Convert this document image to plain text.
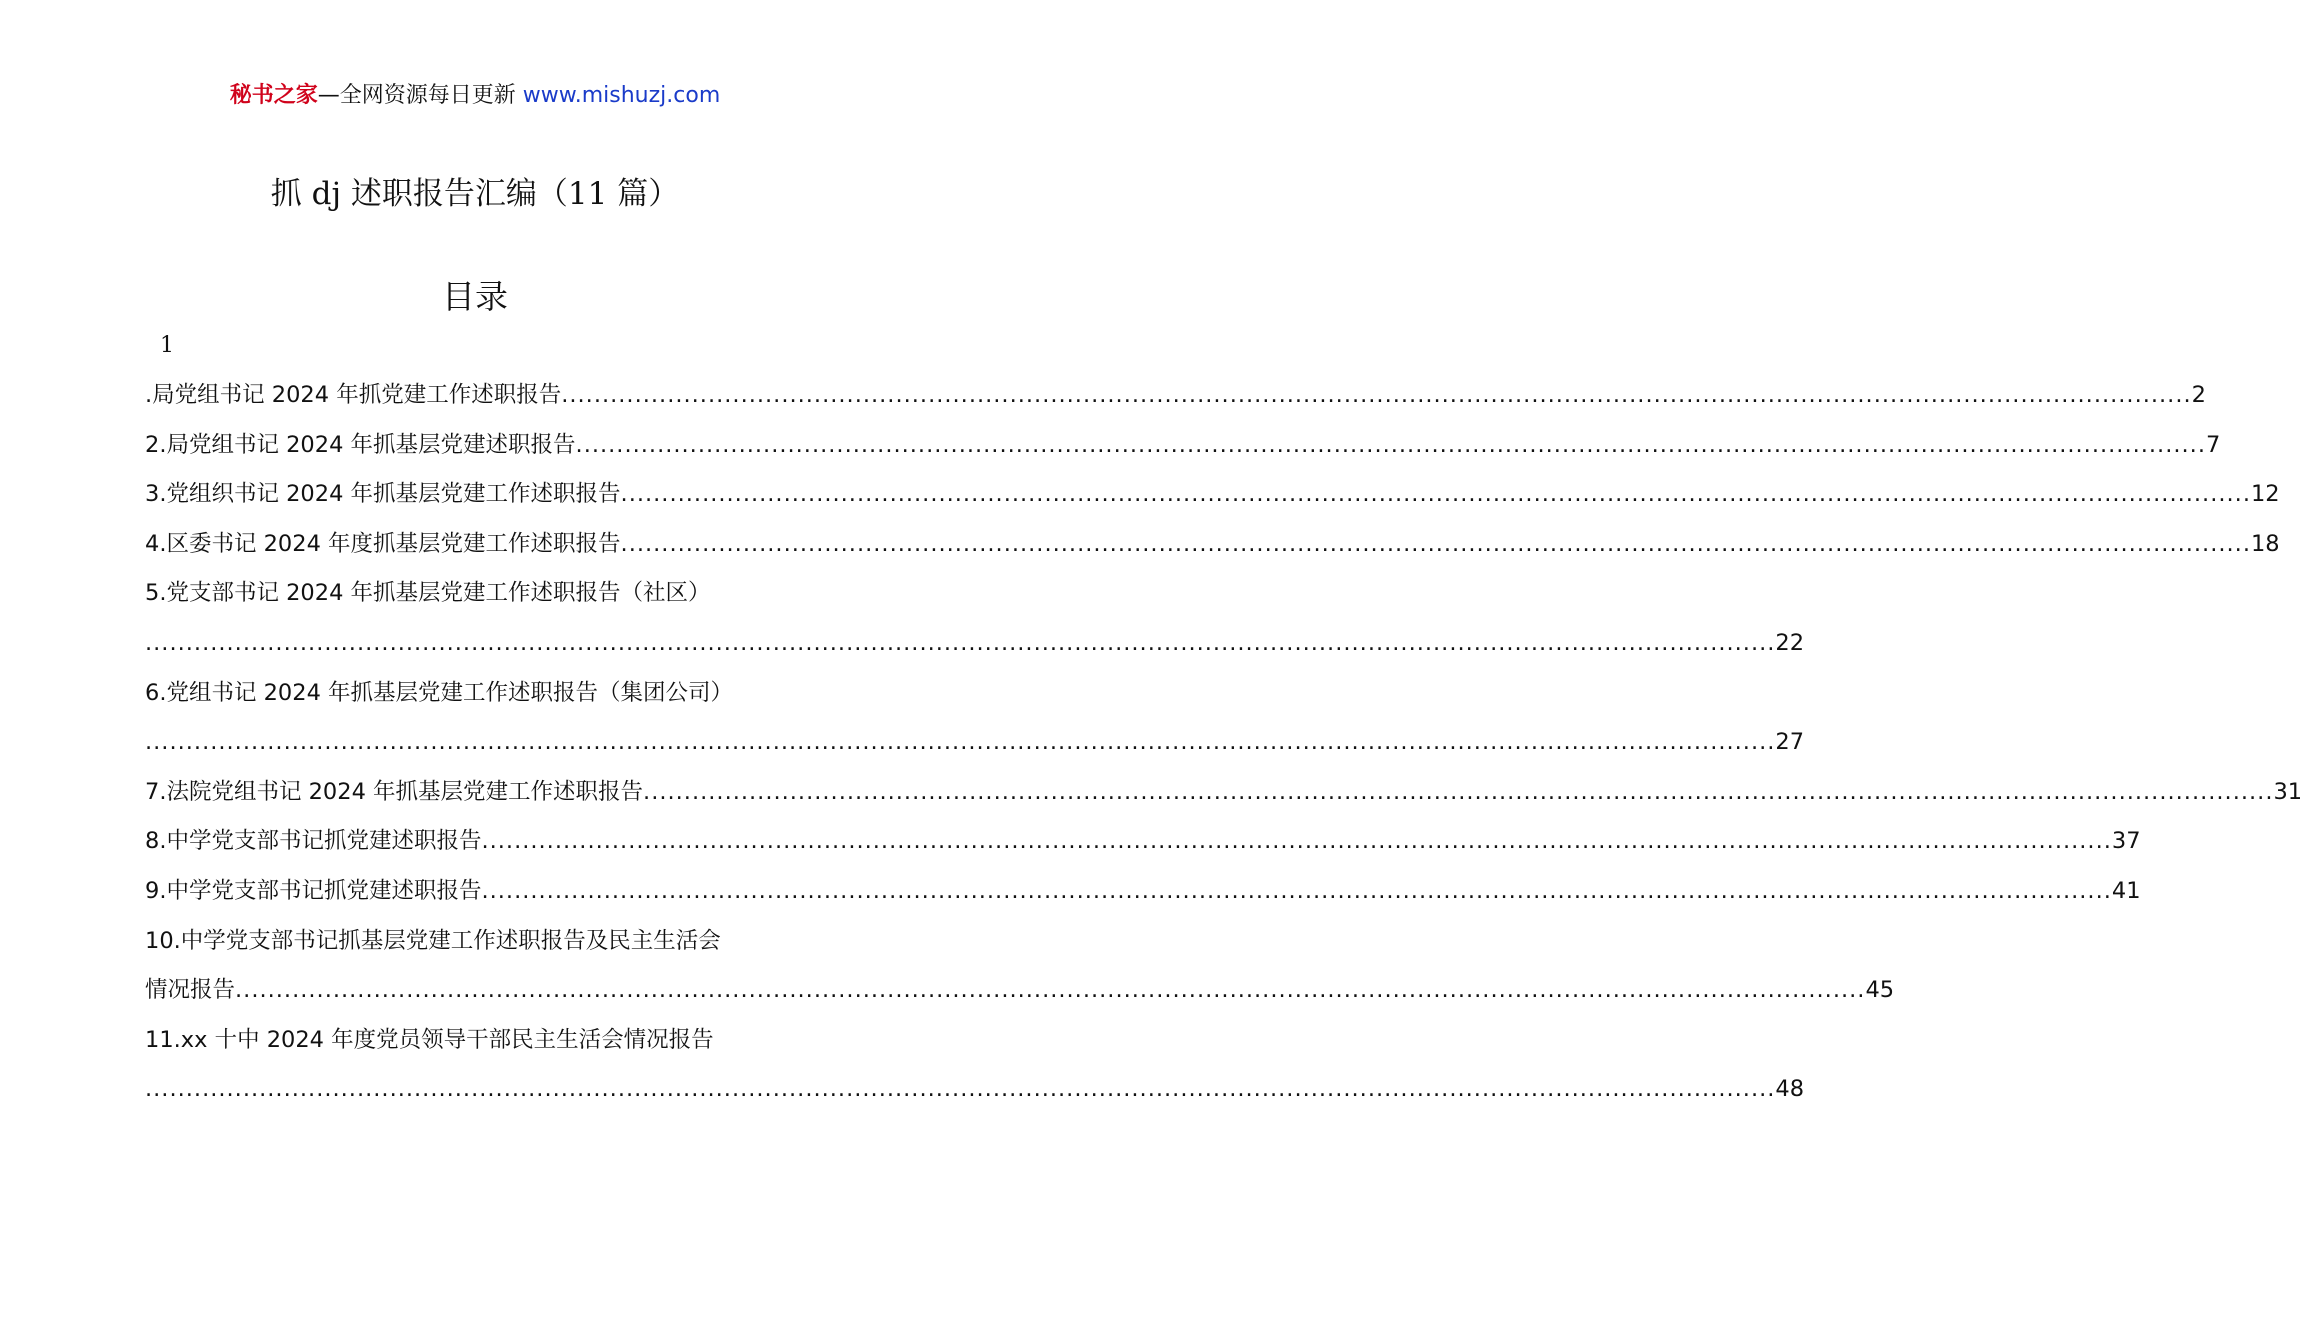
秘书之家—全网资源每日更新 www.mishuzj.com
抓 dj 述职报告汇编（11 篇）
目录
1
.局党组书记 2024 年抓党建工作述职报告 ........................................................................................................................................................................................................ 2
2.局党组书记 2024 年抓基层党建述职报告 ........................................................................................................................................................................................................ 7
3.党组织书记 2024 年抓基层党建工作述职报告 ........................................................................................................................................................................................................ 12
4.区委书记 2024 年度抓基层党建工作述职报告 ........................................................................................................................................................................................................ 18
5.党支部书记 2024 年抓基层党建工作述职报告（社区）
........................................................................................................................................................................................................ 22
6.党组书记 2024 年抓基层党建工作述职报告（集团公司）
........................................................................................................................................................................................................ 27
7.法院党组书记 2024 年抓基层党建工作述职报告 ........................................................................................................................................................................................................ 31
8.中学党支部书记抓党建述职报告 ........................................................................................................................................................................................................ 37
9.中学党支部书记抓党建述职报告 ........................................................................................................................................................................................................ 41
10.中学党支部书记抓基层党建工作述职报告及民主生活会
情况报告 ........................................................................................................................................................................................................ 45
11.xx 十中 2024 年度党员领导干部民主生活会情况报告
........................................................................................................................................................................................................ 48
